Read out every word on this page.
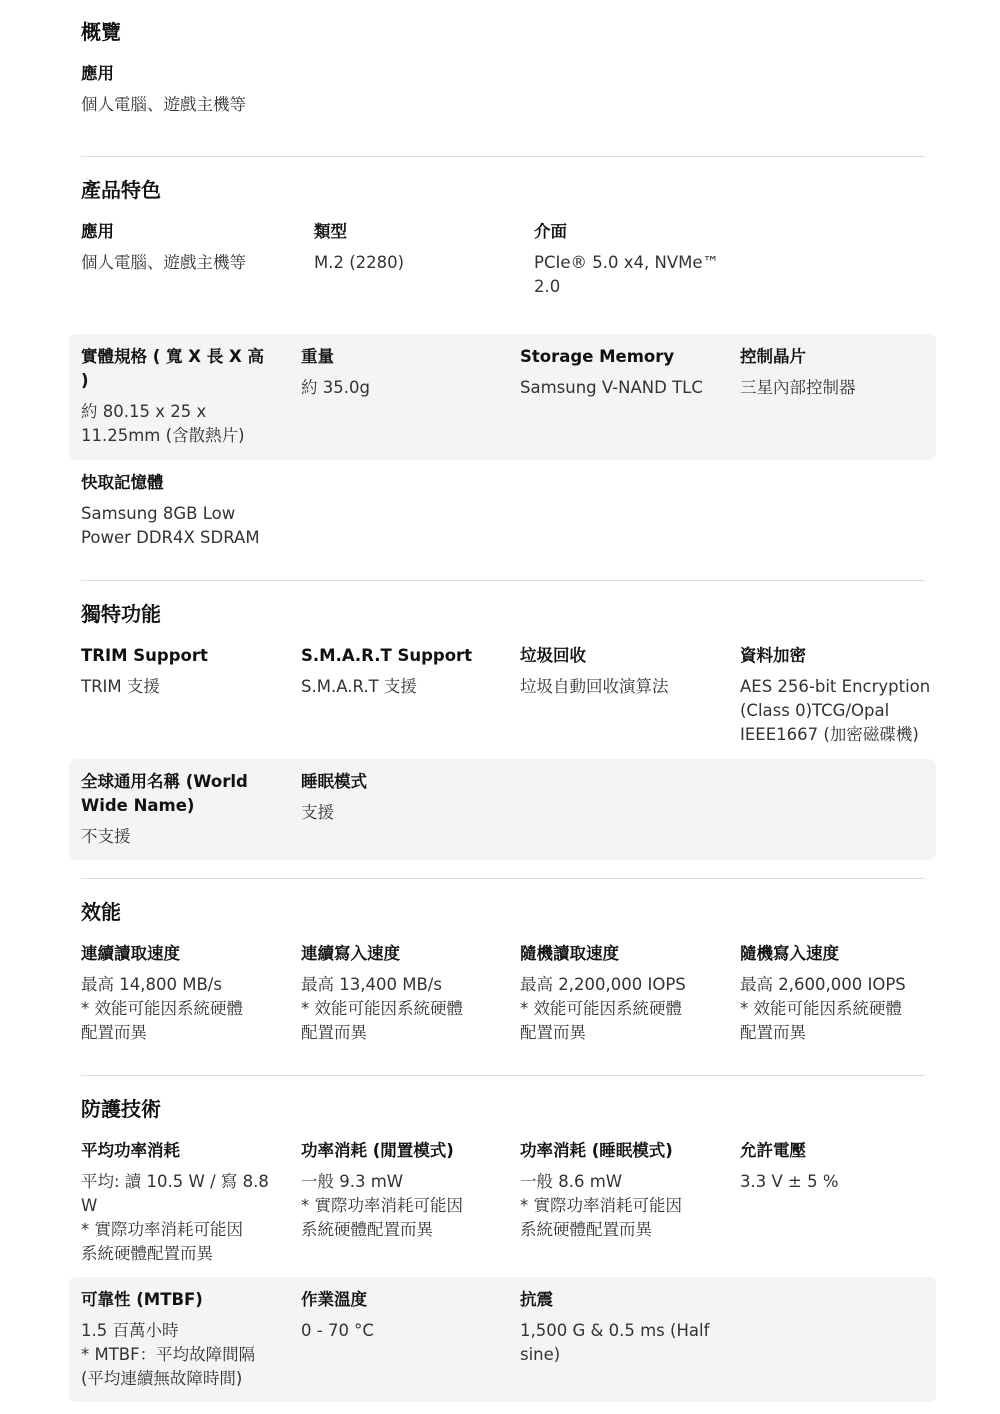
概覽
應用
個人電腦、遊戲主機等
產品特色
應用
個人電腦、遊戲主機等
類型
M.2 (2280)
介面
PCIe® 5.0 x4, NVMe™
2.0
實體規格 ( 寬 X 長 X 高
)
約 80.15 x 25 x
11.25mm (含散熱片)
重量
約 35.0g
Storage Memory
Samsung V-NAND TLC
控制晶片
三星內部控制器
快取記憶體
Samsung 8GB Low
Power DDR4X SDRAM
獨特功能
TRIM Support
TRIM 支援
S.M.A.R.T Support
S.M.A.R.T 支援
垃圾回收
垃圾自動回收演算法
資料加密
AES 256-bit Encryption
(Class 0)TCG/Opal
IEEE1667 (加密磁碟機)
全球通用名稱 (World
Wide Name)
不支援
睡眠模式
支援
效能
連續讀取速度
最高 14,800 MB/s
* 效能可能因系統硬體
配置而異
連續寫入速度
最高 13,400 MB/s
* 效能可能因系統硬體
配置而異
隨機讀取速度
最高 2,200,000 IOPS
* 效能可能因系統硬體
配置而異
隨機寫入速度
最高 2,600,000 IOPS
* 效能可能因系統硬體
配置而異
防護技術
平均功率消耗
平均: 讀 10.5 W / 寫 8.8
W
* 實際功率消耗可能因
系統硬體配置而異
功率消耗 (閒置模式)
一般 9.3 mW
* 實際功率消耗可能因
系統硬體配置而異
功率消耗 (睡眠模式)
一般 8.6 mW
* 實際功率消耗可能因
系統硬體配置而異
允許電壓
3.3 V ± 5 %
可靠性 (MTBF)
1.5 百萬小時
* MTBF：平均故障間隔
(平均連續無故障時間)
作業溫度
0 - 70 °C
抗震
1,500 G & 0.5 ms (Half
sine)
